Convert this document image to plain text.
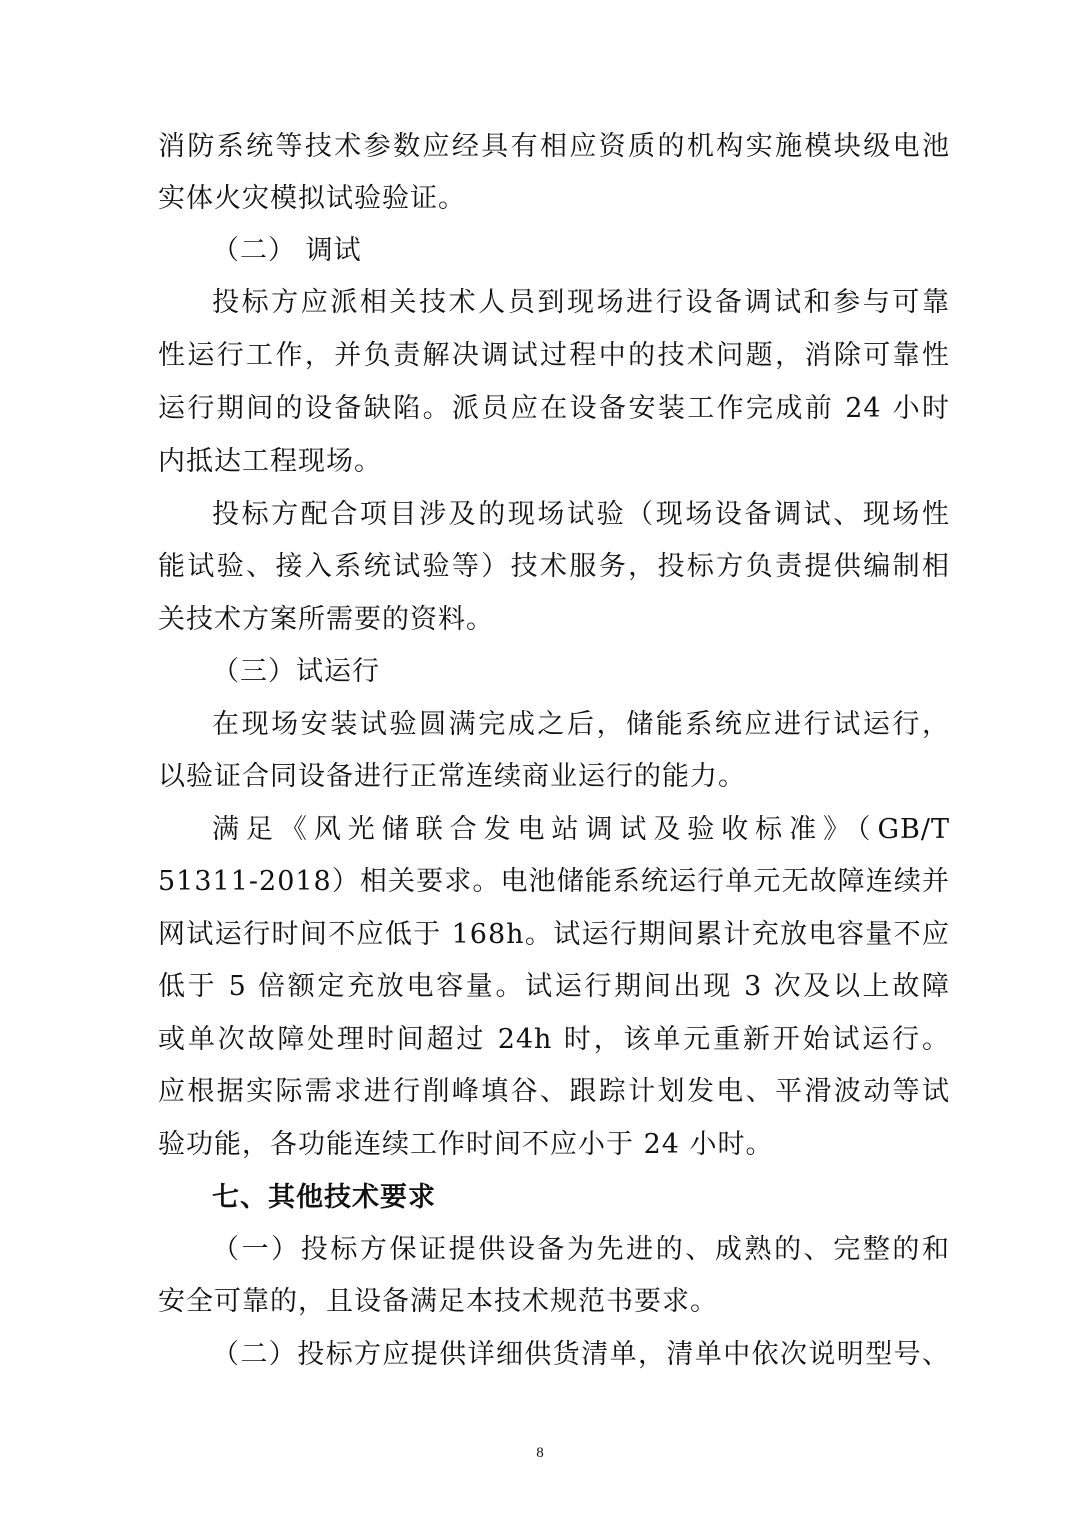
消防系统等技术参数应经具有相应资质的机构实施模块级电池
实体火灾模拟试验验证。
（二） 调试
投标方应派相关技术人员到现场进行设备调试和参与可靠
性运行工作，并负责解决调试过程中的技术问题，消除可靠性
运行期间的设备缺陷。派员应在设备安装工作完成前 24 小时
内抵达工程现场。
投标方配合项目涉及的现场试验（现场设备调试、现场性
能试验、接入系统试验等）技术服务，投标方负责提供编制相
关技术方案所需要的资料。
（三）试运行
在现场安装试验圆满完成之后，储能系统应进行试运行，
以验证合同设备进行正常连续商业运行的能力。
满足《风光储联合发电站调试及验收标准》（GB/T
51311-2018）相关要求。电池储能系统运行单元无故障连续并
网试运行时间不应低于 168h。试运行期间累计充放电容量不应
低于 5 倍额定充放电容量。试运行期间出现 3 次及以上故障
或单次故障处理时间超过 24h 时，该单元重新开始试运行。
应根据实际需求进行削峰填谷、跟踪计划发电、平滑波动等试
验功能，各功能连续工作时间不应小于 24 小时。
七、其他技术要求
（一）投标方保证提供设备为先进的、成熟的、完整的和
安全可靠的，且设备满足本技术规范书要求。
（二）投标方应提供详细供货清单，清单中依次说明型号、
8
